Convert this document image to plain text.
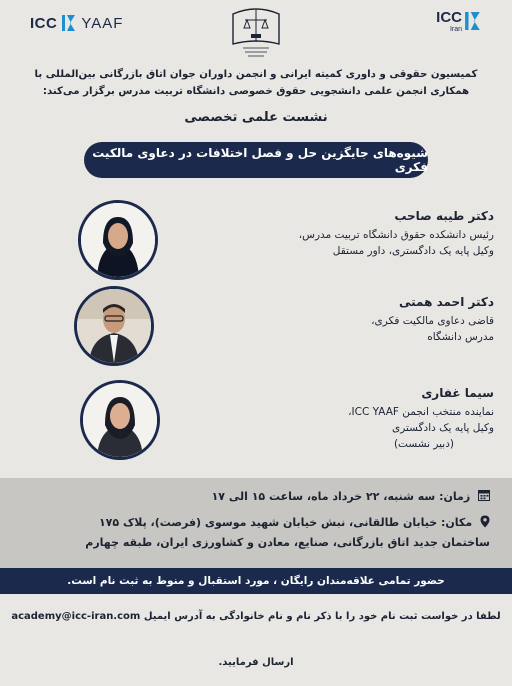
ICC YAAF	ICC
Iran
کمیسیون حقوقی و داوری کمیته ایرانی و انجمن داوران جوان اتاق بازرگانی بین‌المللی با
همکاری انجمن علمی دانشجویی حقوق خصوصی دانشگاه تربیت مدرس برگزار می‌کند:
نشست علمی تخصصی
شیوه‌های جایگزین حل و فصل اختلافات در دعاوی مالکیت فکری
دکتر طیبه صاحب
رئیس دانشکده حقوق دانشگاه تربیت مدرس،
وکیل پایه یک دادگستری، داور مستقل
دکتر احمد همتی
قاضی دعاوی مالکیت فکری،
مدرس دانشگاه
سیما غفاری
نماینده منتخب انجمن ICC YAAF،
وکیل پایه یک دادگستری
(دبیر نشست)
زمان: سه شنبه، ۲۲ خرداد ماه، ساعت ۱۵ الی ۱۷
مکان: خیابان طالقانی، نبش خیابان شهید موسوی (فرصت)، پلاک ۱۷۵
ساختمان جدید اتاق بازرگانی، صنایع، معادن و کشاورزی ایران، طبقه چهارم
حضور تمامی علاقه‌مندان رایگان ، مورد استقبال و منوط به ثبت نام است.
لطفا در خواست ثبت نام خود را با ذکر نام و نام خانوادگی به آدرس ایمیل academy@icc-iran.com ارسال فرمایید.
